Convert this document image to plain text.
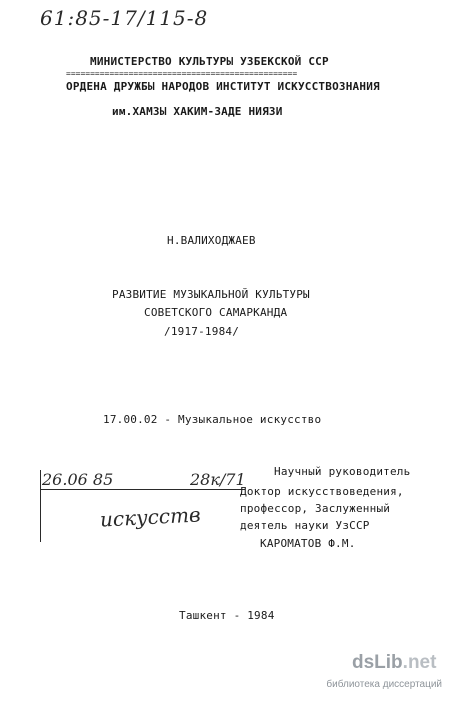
61:85-17/115-8
МИНИСТЕРСТВО КУЛЬТУРЫ УЗБЕКСКОЙ ССР
================================================
ОРДЕНА ДРУЖБЫ НАРОДОВ ИНСТИТУТ ИСКУССТВОЗНАНИЯ
им.ХАМЗЫ ХАКИМ-ЗАДЕ НИЯЗИ
Н.ВАЛИХОДЖАЕВ
РАЗВИТИЕ МУЗЫКАЛЬНОЙ КУЛЬТУРЫ
СОВЕТСКОГО САМАРКАНДА
/1917-1984/
17.00.02 - Музыкальное искусство
26.06 85	28к/71
искусств
Научный руководитель
Доктор искусствоведения,
профессор, Заслуженный
деятель науки УзССР
КАРОМАТОВ Ф.М.
Ташкент - 1984
dsLib.net
библиотека диссертаций
